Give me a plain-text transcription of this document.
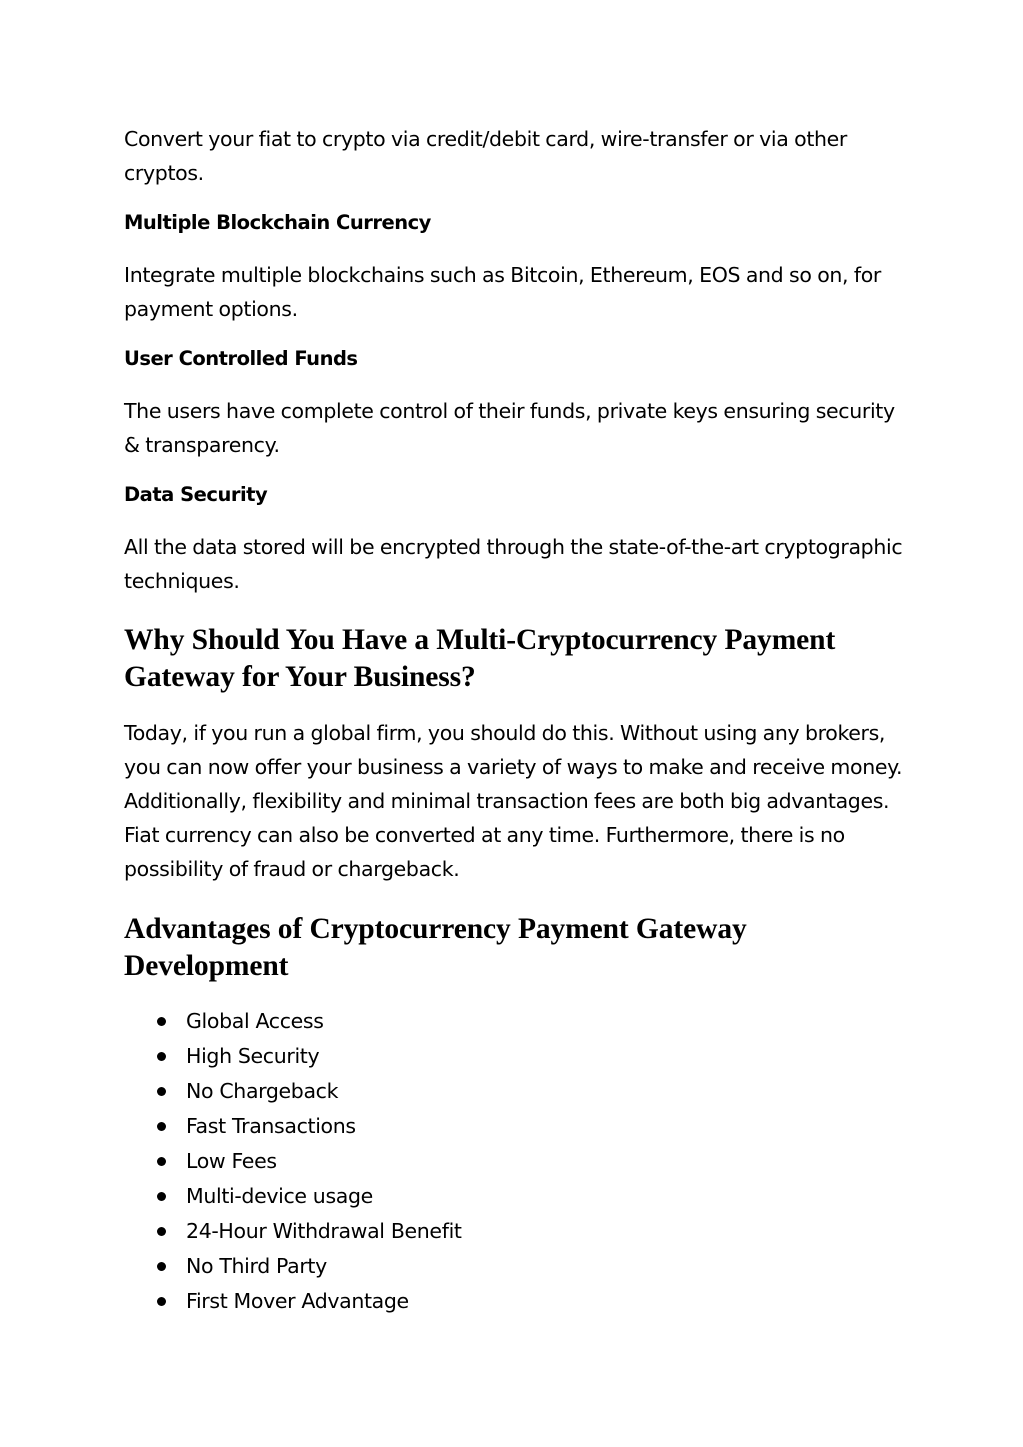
Convert your fiat to crypto via credit/debit card, wire-transfer or via other cryptos.

Multiple Blockchain Currency

Integrate multiple blockchains such as Bitcoin, Ethereum, EOS and so on, for payment options.

User Controlled Funds

The users have complete control of their funds, private keys ensuring security & transparency.

Data Security

All the data stored will be encrypted through the state-of-the-art cryptographic techniques.

Why Should You Have a Multi-Cryptocurrency Payment Gateway for Your Business?

Today, if you run a global firm, you should do this. Without using any brokers, you can now offer your business a variety of ways to make and receive money. Additionally, flexibility and minimal transaction fees are both big advantages. Fiat currency can also be converted at any time. Furthermore, there is no possibility of fraud or chargeback.

Advantages of Cryptocurrency Payment Gateway Development
Global Access
High Security
No Chargeback
Fast Transactions
Low Fees
Multi-device usage
24-Hour Withdrawal Benefit
No Third Party
First Mover Advantage
